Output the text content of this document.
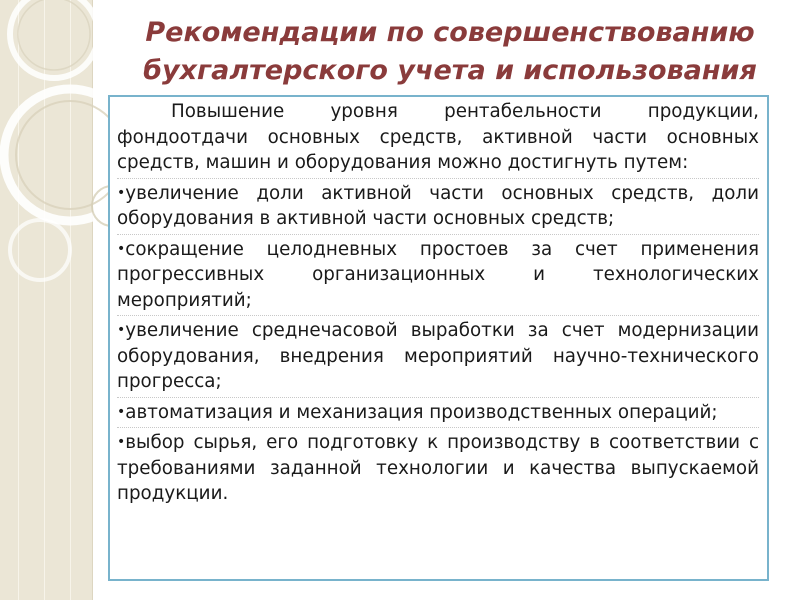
Рекомендации по совершенствованию
бухгалтерского учета и использования

Повышение уровня рентабельности продукции, фондоотдачи основных средств, активной части основных средств, машин и оборудования можно достигнуть путем:

•увеличение доли активной части основных средств, доли оборудования в активной части основных средств;

•сокращение целодневных простоев за счет применения прогрессивных организационных и технологических мероприятий;

•увеличение среднечасовой выработки за счет модернизации оборудования, внедрения мероприятий научно-технического прогресса;

•автоматизация и механизация производственных операций;

•выбор сырья, его подготовку к производству в соответствии с требованиями заданной технологии и качества выпускаемой продукции.
